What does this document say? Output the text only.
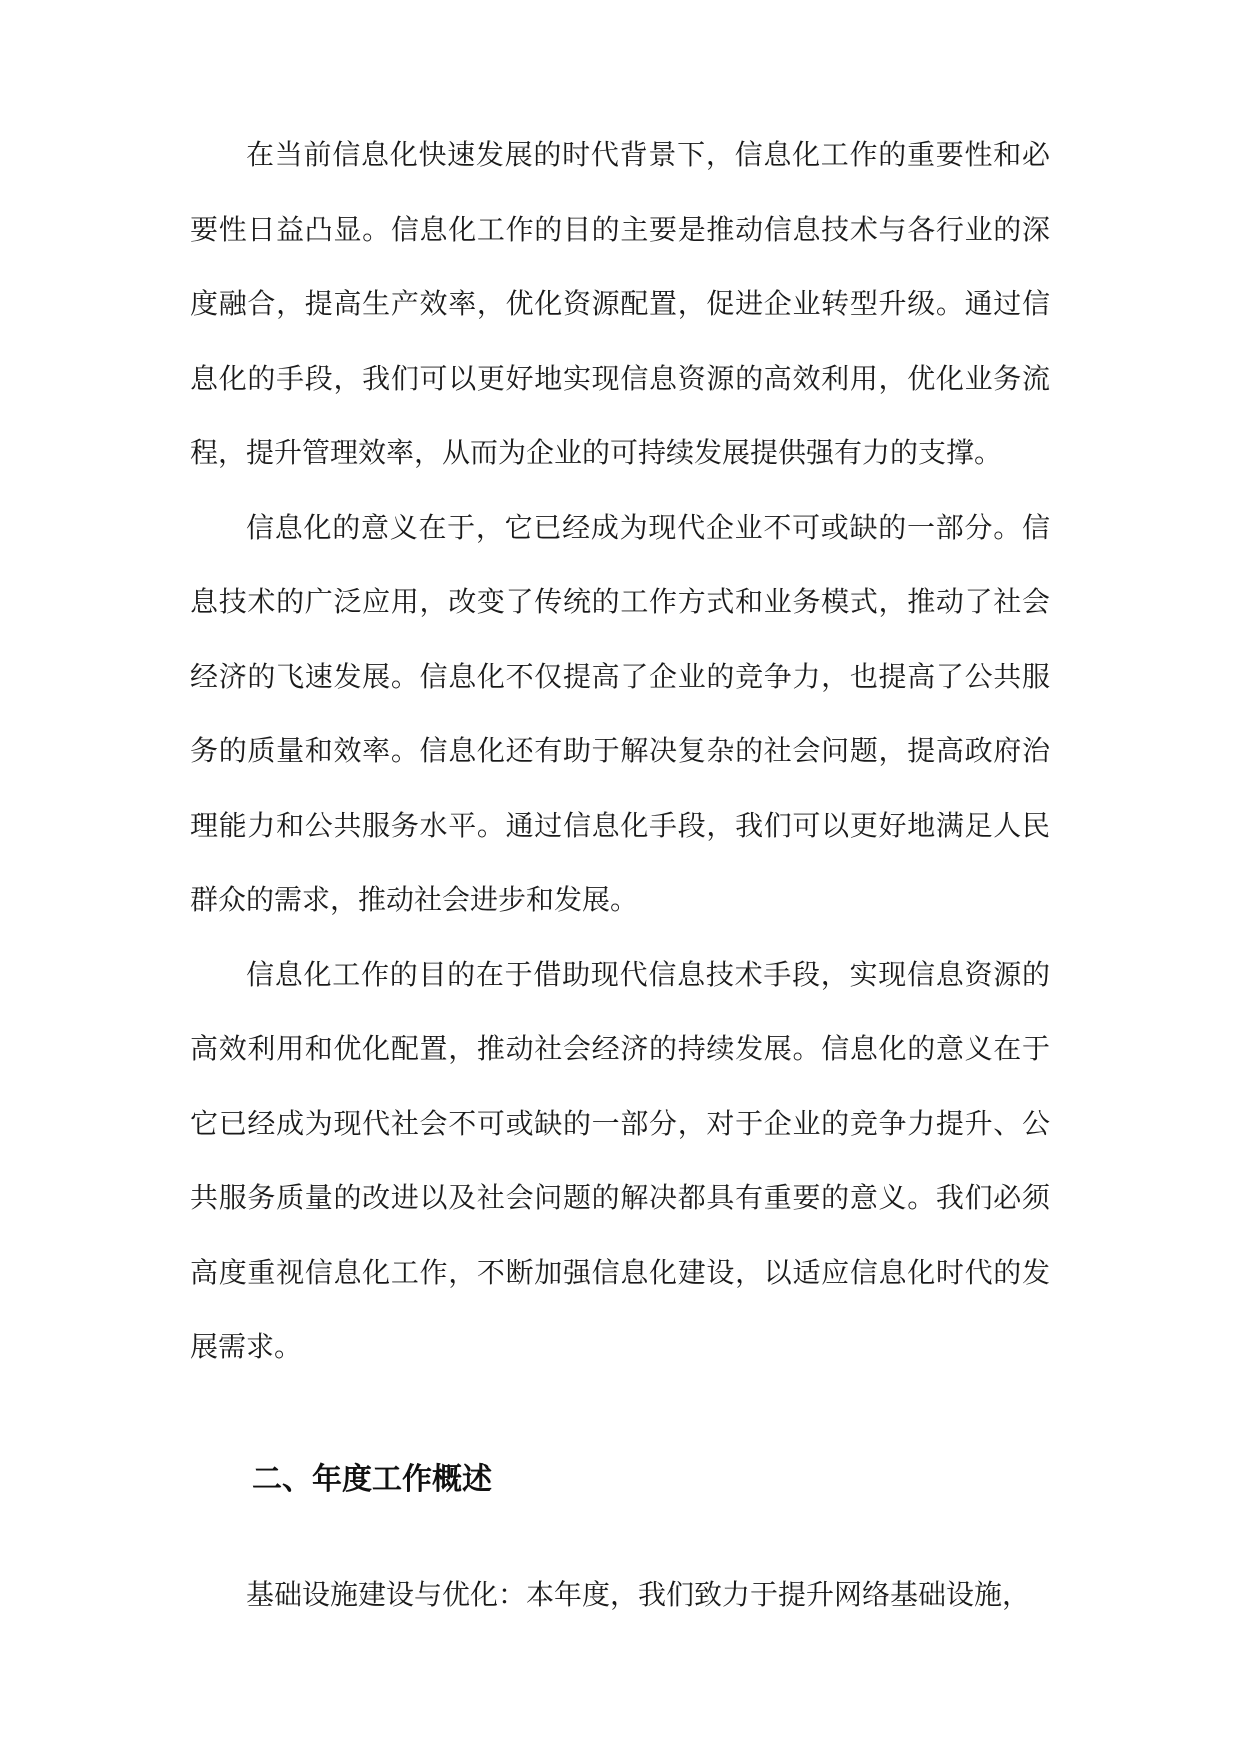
在当前信息化快速发展的时代背景下，信息化工作的重要性和必要性日益凸显。信息化工作的目的主要是推动信息技术与各行业的深度融合，提高生产效率，优化资源配置，促进企业转型升级。通过信息化的手段，我们可以更好地实现信息资源的高效利用，优化业务流程，提升管理效率，从而为企业的可持续发展提供强有力的支撑。

信息化的意义在于，它已经成为现代企业不可或缺的一部分。信息技术的广泛应用，改变了传统的工作方式和业务模式，推动了社会经济的飞速发展。信息化不仅提高了企业的竞争力，也提高了公共服务的质量和效率。信息化还有助于解决复杂的社会问题，提高政府治理能力和公共服务水平。通过信息化手段，我们可以更好地满足人民群众的需求，推动社会进步和发展。

信息化工作的目的在于借助现代信息技术手段，实现信息资源的高效利用和优化配置，推动社会经济的持续发展。信息化的意义在于它已经成为现代社会不可或缺的一部分，对于企业的竞争力提升、公共服务质量的改进以及社会问题的解决都具有重要的意义。我们必须高度重视信息化工作，不断加强信息化建设，以适应信息化时代的发展需求。

二、年度工作概述

基础设施建设与优化：本年度，我们致力于提升网络基础设施，
